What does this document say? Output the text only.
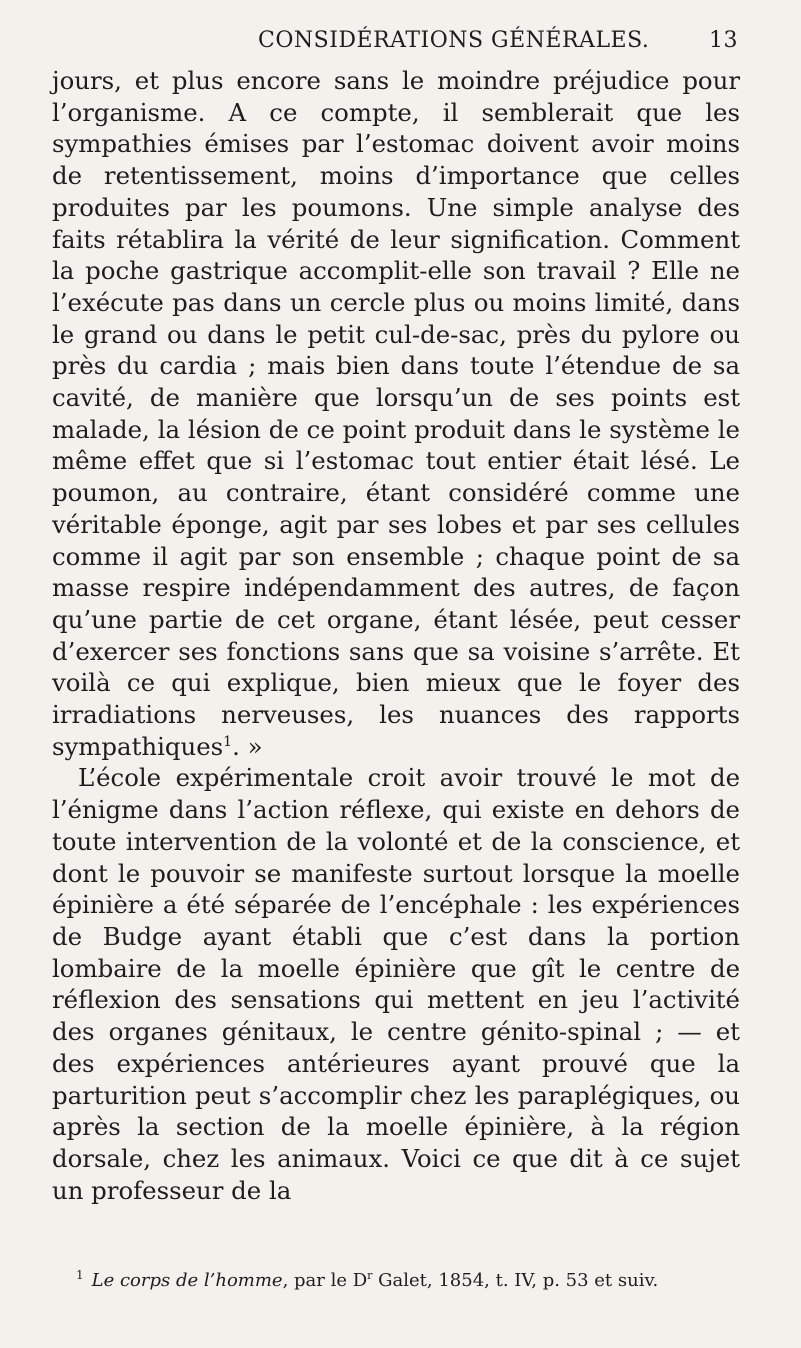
CONSIDÉRATIONS GÉNÉRALES.	13

jours, et plus encore sans le moindre préjudice pour l’organisme. A ce compte, il semblerait que les sympathies émises par l’estomac doivent avoir moins de retentissement, moins d’importance que celles produites par les poumons. Une simple analyse des faits rétablira la vérité de leur signification. Comment la poche gastrique accomplit-elle son travail ? Elle ne l’exécute pas dans un cercle plus ou moins limité, dans le grand ou dans le petit cul-de-sac, près du pylore ou près du cardia ; mais bien dans toute l’étendue de sa cavité, de manière que lorsqu’un de ses points est malade, la lésion de ce point produit dans le système le même effet que si l’estomac tout entier était lésé. Le poumon, au contraire, étant considéré comme une véritable éponge, agit par ses lobes et par ses cellules comme il agit par son ensemble ; chaque point de sa masse respire indépendamment des autres, de façon qu’une partie de cet organe, étant lésée, peut cesser d’exercer ses fonctions sans que sa voisine s’arrête. Et voilà ce qui explique, bien mieux que le foyer des irradiations nerveuses, les nuances des rapports sympathiques$^1$. »

L’école expérimentale croit avoir trouvé le mot de l’énigme dans l’action réflexe, qui existe en dehors de toute intervention de la volonté et de la conscience, et dont le pouvoir se manifeste surtout lorsque la moelle épinière a été séparée de l’encéphale : les expériences de Budge ayant établi que c’est dans la portion lombaire de la moelle épinière que gît le centre de réflexion des sensations qui mettent en jeu l’activité des organes génitaux, le centre génito-spinal ; — et des expériences antérieures ayant prouvé que la parturition peut s’accomplir chez les paraplégiques, ou après la section de la moelle épinière, à la région dorsale, chez les animaux. Voici ce que dit à ce sujet un professeur de la

$^1$ Le corps de l’homme, par le $D^r$ Galet, 1854, t. IV, p. 53 et suiv.
